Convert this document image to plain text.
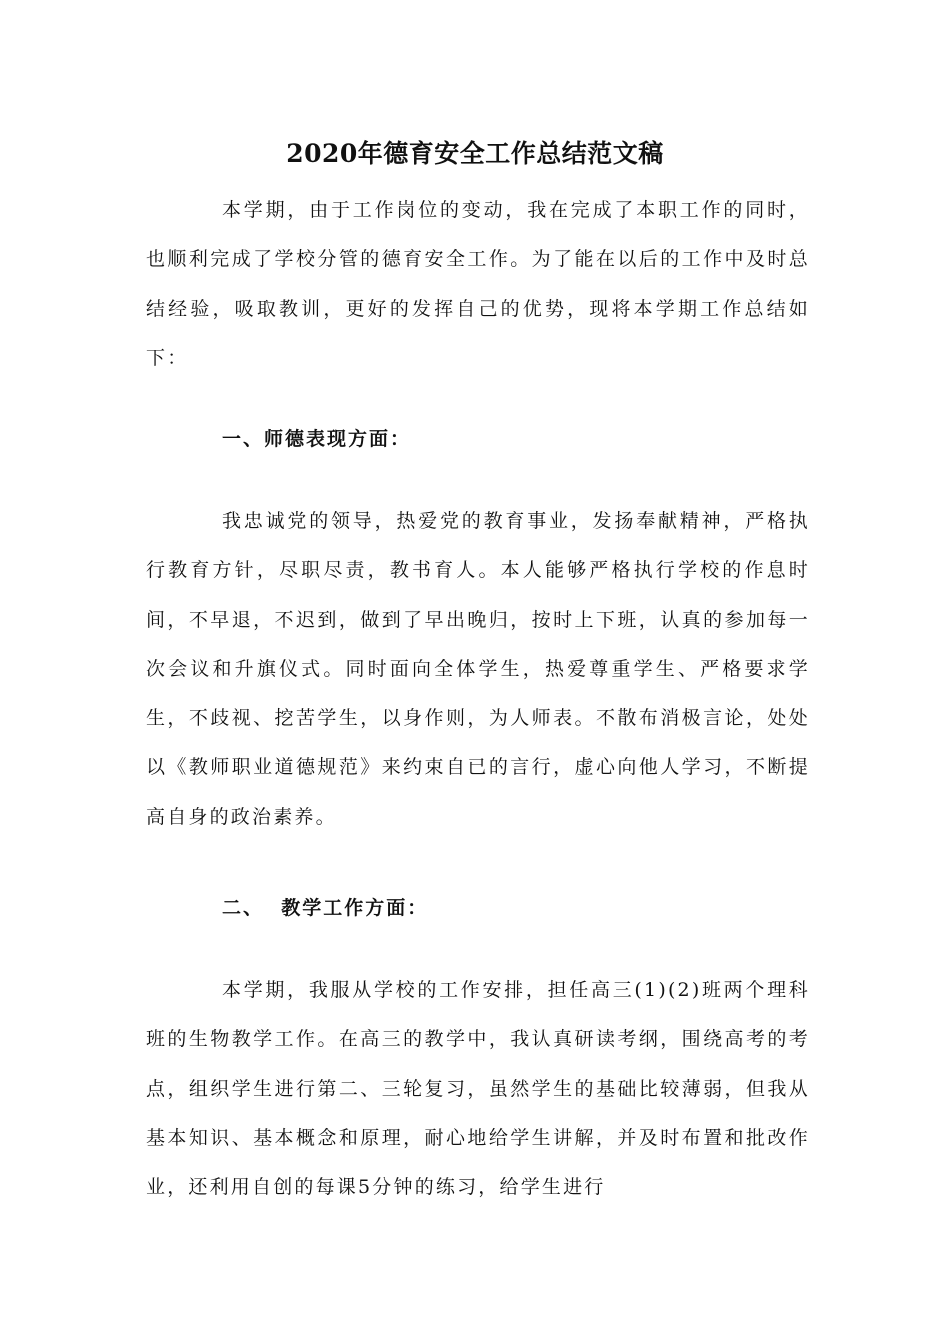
2020年德育安全工作总结范文稿

本学期，由于工作岗位的变动，我在完成了本职工作的同时，也顺利完成了学校分管的德育安全工作。为了能在以后的工作中及时总结经验，吸取教训，更好的发挥自己的优势，现将本学期工作总结如下：

一、师德表现方面：

我忠诚党的领导，热爱党的教育事业，发扬奉献精神，严格执行教育方针，尽职尽责，教书育人。本人能够严格执行学校的作息时间，不早退，不迟到，做到了早出晚归，按时上下班，认真的参加每一次会议和升旗仪式。同时面向全体学生，热爱尊重学生、严格要求学生，不歧视、挖苦学生，以身作则，为人师表。不散布消极言论，处处以《教师职业道德规范》来约束自已的言行，虚心向他人学习，不断提高自身的政治素养。

二、  教学工作方面：

本学期，我服从学校的工作安排，担任高三(1)(2)班两个理科班的生物教学工作。在高三的教学中，我认真研读考纲，围绕高考的考点，组织学生进行第二、三轮复习，虽然学生的基础比较薄弱，但我从基本知识、基本概念和原理，耐心地给学生讲解，并及时布置和批改作业，还利用自创的每课5分钟的练习，给学生进行
